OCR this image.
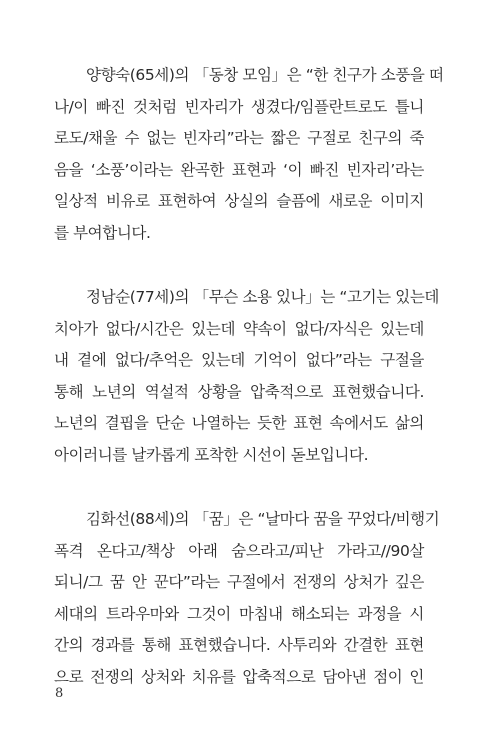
양향숙(65세)의 「동창 모임」은 “한 친구가 소풍을 떠
나/이 빠진 것처럼 빈자리가 생겼다/임플란트로도 틀니
로도/채울 수 없는 빈자리”라는 짧은 구절로 친구의 죽
음을 ‘소풍’이라는 완곡한 표현과 ‘이 빠진 빈자리’라는
일상적 비유로 표현하여 상실의 슬픔에 새로운 이미지
를 부여합니다.

정남순(77세)의 「무슨 소용 있나」는 “고기는 있는데
치아가 없다/시간은 있는데 약속이 없다/자식은 있는데
내 곁에 없다/추억은 있는데 기억이 없다”라는 구절을
통해 노년의 역설적 상황을 압축적으로 표현했습니다.
노년의 결핍을 단순 나열하는 듯한 표현 속에서도 삶의
아이러니를 날카롭게 포착한 시선이 돋보입니다.

김화선(88세)의 「꿈」은 “날마다 꿈을 꾸었다/비행기
폭격 온다고/책상 아래 숨으라고/피난 가라고//90살
되니/그 꿈 안 꾼다”라는 구절에서 전쟁의 상처가 깊은
세대의 트라우마와 그것이 마침내 해소되는 과정을 시
간의 경과를 통해 표현했습니다. 사투리와 간결한 표현
으로 전쟁의 상처와 치유를 압축적으로 담아낸 점이 인

8
